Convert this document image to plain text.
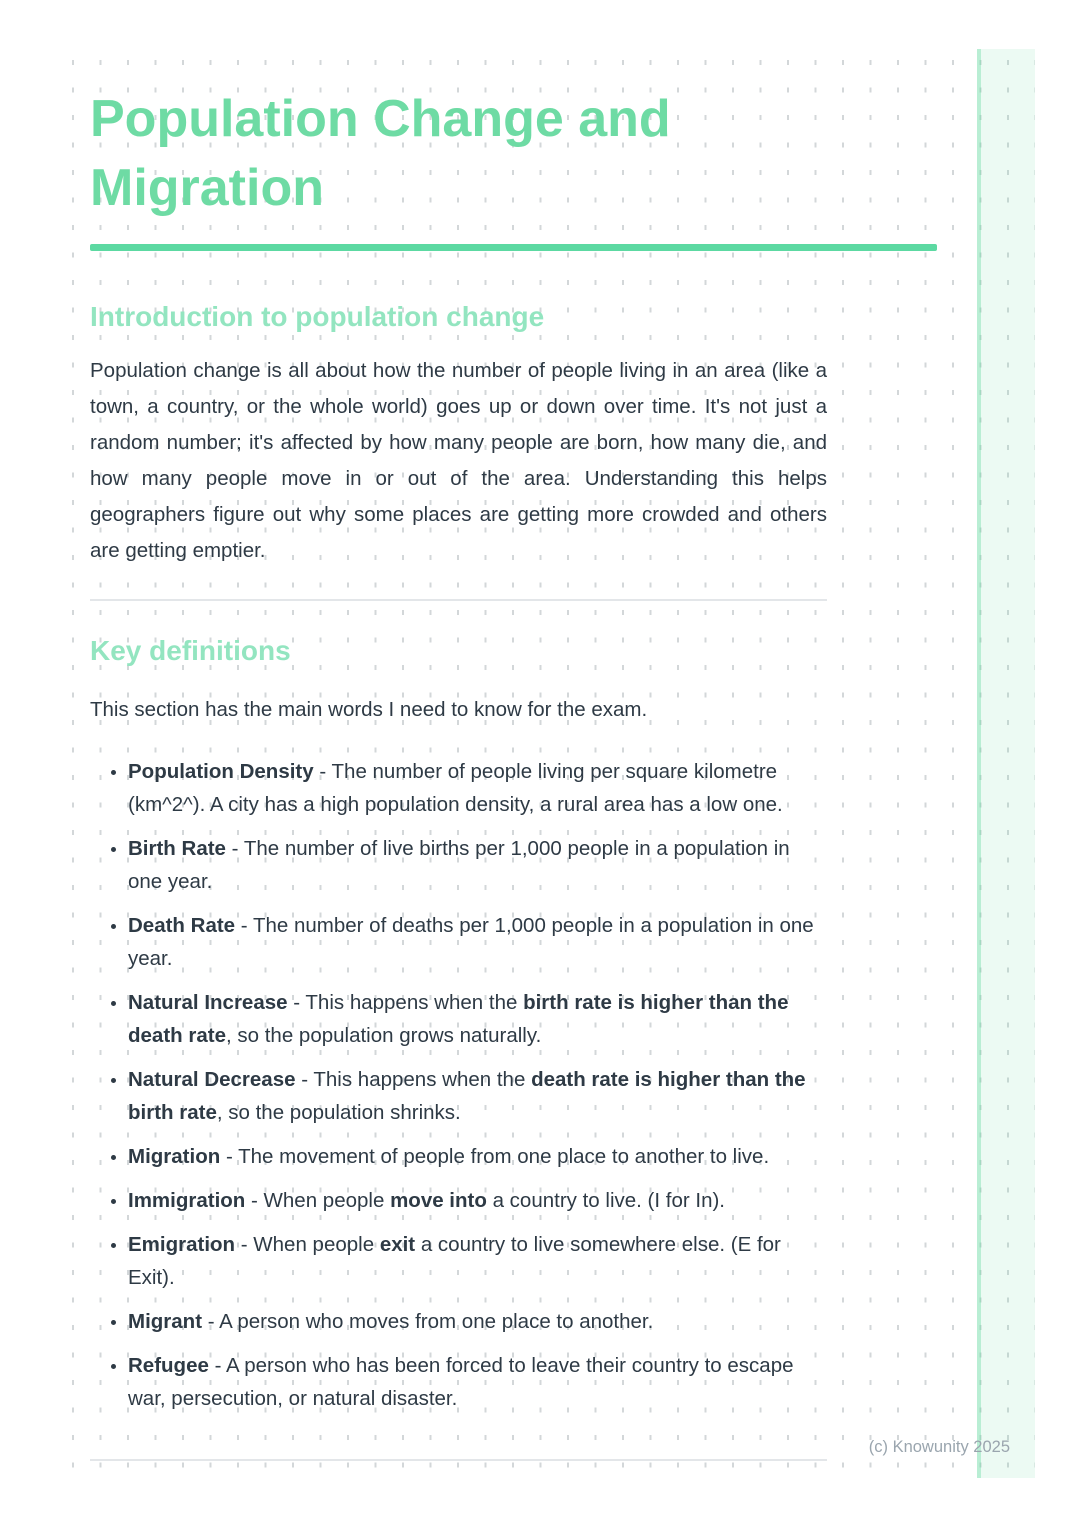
Population Change and Migration
Introduction to population change

Population change is all about how the number of people living in an area (like a town, a country, or the whole world) goes up or down over time. It's not just a random number; it's affected by how many people are born, how many die, and how many people move in or out of the area. Understanding this helps geographers figure out why some places are getting more crowded and others are getting emptier.

Key definitions

This section has the main words I need to know for the exam.

• Population Density - The number of people living per square kilometre (km^2^). A city has a high population density, a rural area has a low one.
• Birth Rate - The number of live births per 1,000 people in a population in one year.
• Death Rate - The number of deaths per 1,000 people in a population in one year.
• Natural Increase - This happens when the birth rate is higher than the death rate, so the population grows naturally.
• Natural Decrease - This happens when the death rate is higher than the birth rate, so the population shrinks.
• Migration - The movement of people from one place to another to live.
• Immigration - When people move into a country to live. (I for In).
• Emigration - When people exit a country to live somewhere else. (E for Exit).
• Migrant - A person who moves from one place to another.
• Refugee - A person who has been forced to leave their country to escape war, persecution, or natural disaster.
(c) Knowunity 2025
